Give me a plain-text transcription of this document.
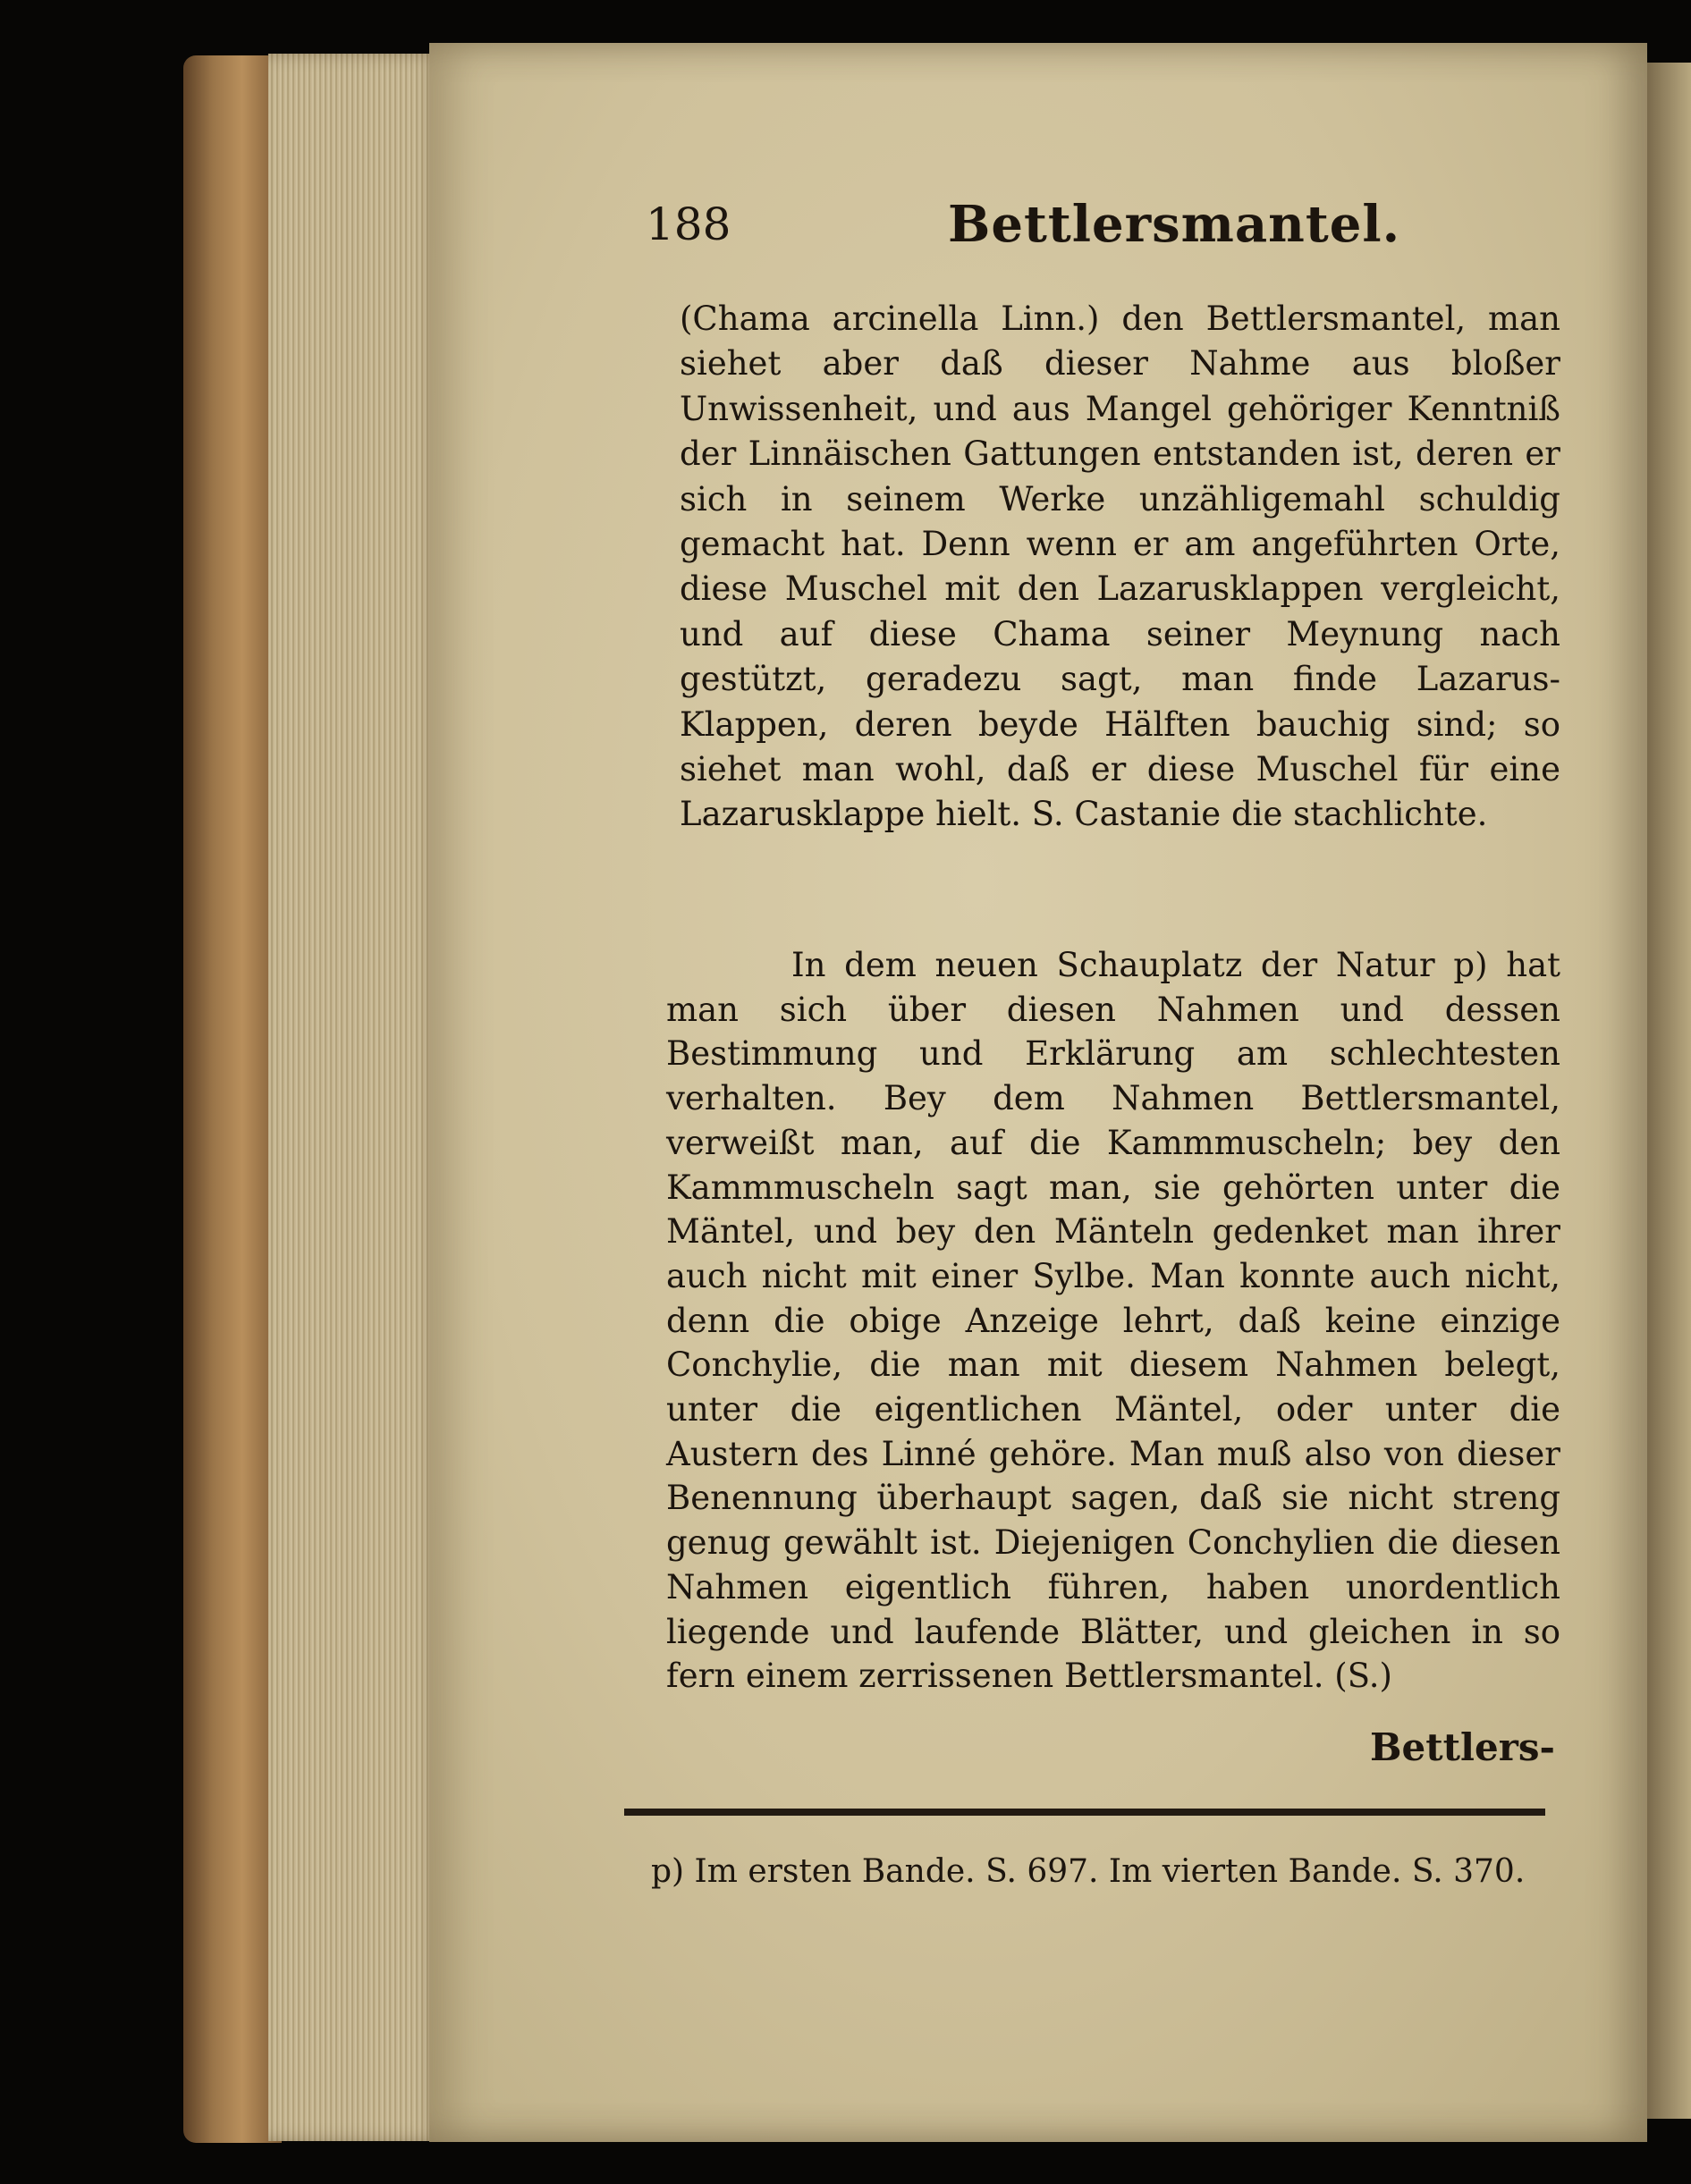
188	Bettlersmantel.
(Chama arcinella Linn.) den Bettlersmantel, man siehet aber daß dieser Nahme aus bloßer Unwissenheit, und aus Mangel gehöriger Kenntniß der Linnäischen Gattungen entstanden ist, deren er sich in seinem Werke unzähligemahl schuldig gemacht hat. Denn wenn er am angeführten Orte, diese Muschel mit den Lazarusklappen vergleicht, und auf diese Chama seiner Meynung nach gestützt, geradezu sagt, man finde Lazarus-Klappen, deren beyde Hälften bauchig sind; so siehet man wohl, daß er diese Muschel für eine Lazarusklappe hielt. S. Castanie die stachlichte.
In dem neuen Schauplatz der Natur p) hat man sich über diesen Nahmen und dessen Bestimmung und Erklärung am schlechtesten verhalten. Bey dem Nahmen Bettlersmantel, verweißt man, auf die Kammmuscheln; bey den Kammmuscheln sagt man, sie gehörten unter die Mäntel, und bey den Mänteln gedenket man ihrer auch nicht mit einer Sylbe. Man konnte auch nicht, denn die obige Anzeige lehrt, daß keine einzige Conchylie, die man mit diesem Nahmen belegt, unter die eigentlichen Mäntel, oder unter die Austern des Linné gehöre. Man muß also von dieser Benennung überhaupt sagen, daß sie nicht streng genug gewählt ist. Diejenigen Conchylien die diesen Nahmen eigentlich führen, haben unordentlich liegende und laufende Blätter, und gleichen in so fern einem zerrissenen Bettlersmantel. (S.)
Bettlers-
p) Im ersten Bande. S. 697. Im vierten Bande. S. 370.
